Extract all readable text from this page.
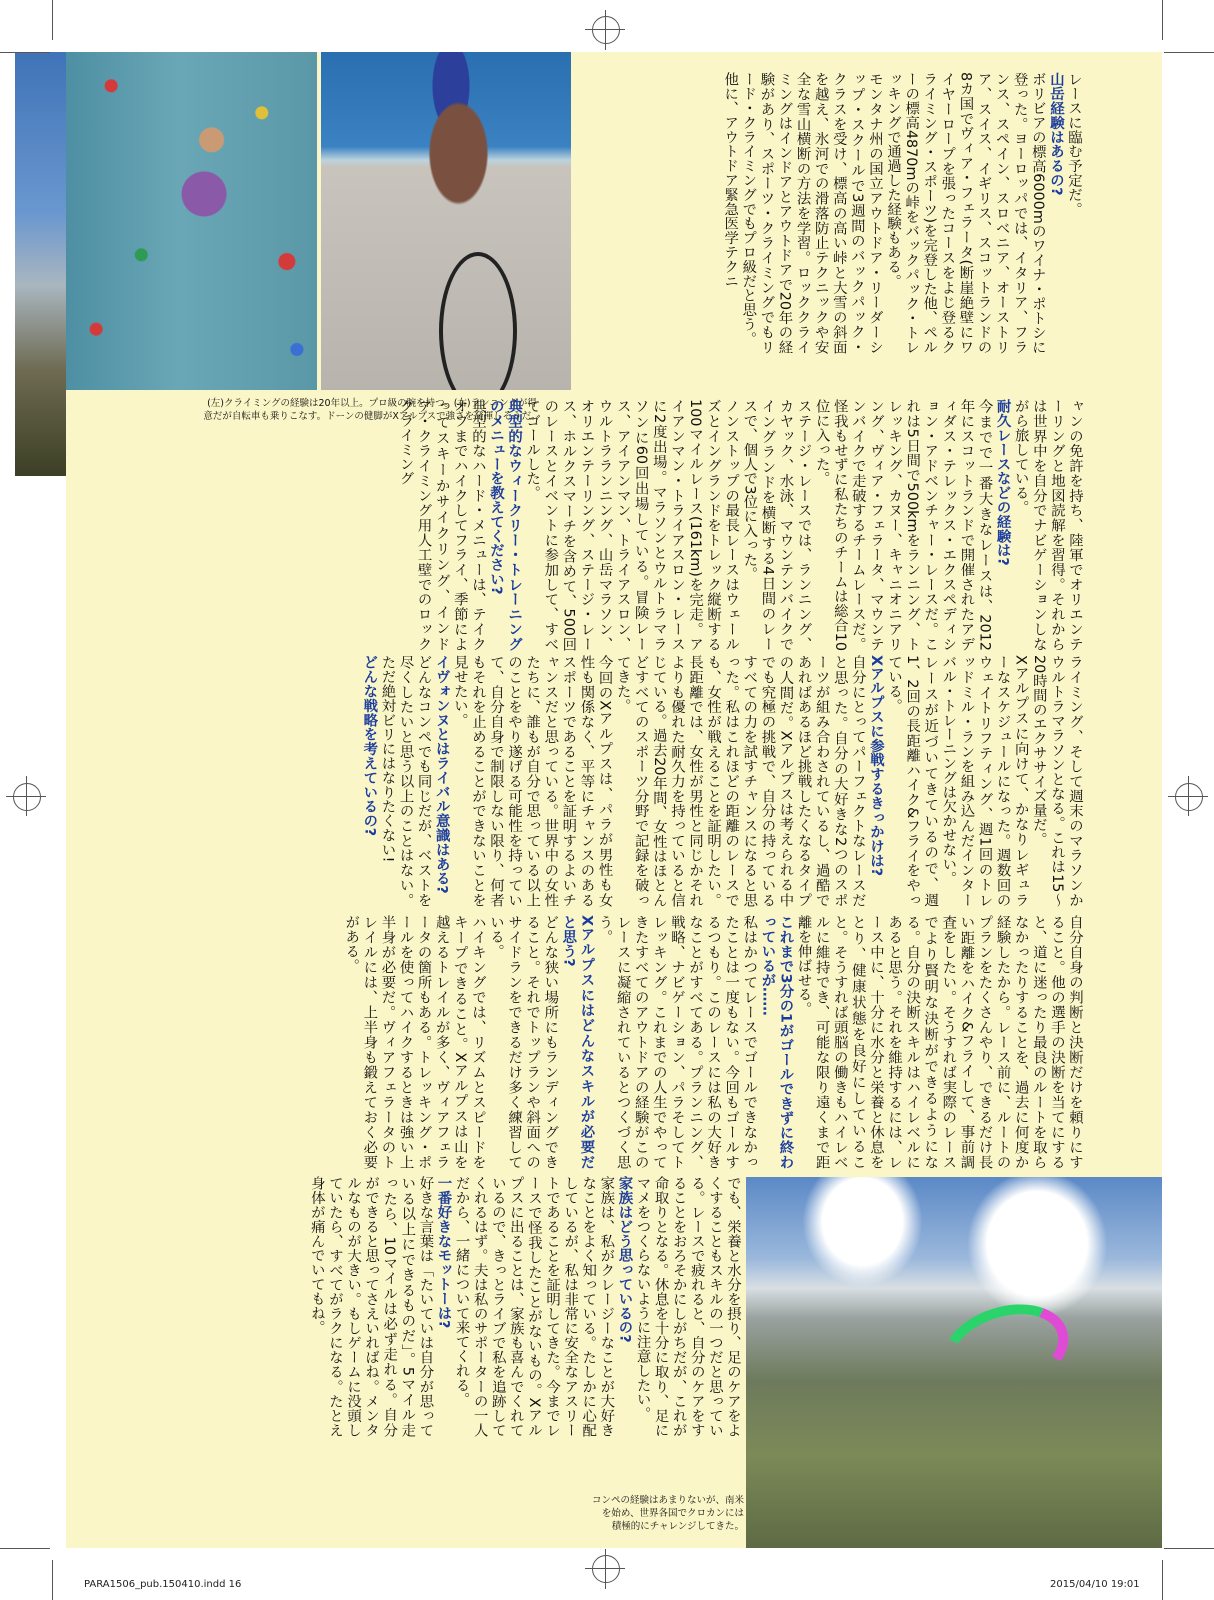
(左)クライミングの経験は20年以上。プロ級の腕を持つ。(右)ランニングが得
意だが自転車も乗りこなす。ドーンの健脚がXアルプスで強さを発揮しそうだ。
コンペの経験はあまりないが、南米
を始め、世界各国でクロカンには
積極的にチャレンジしてきた。

レースに臨む予定だ。

山岳経験はあるの?

ボリビアの標高6000mのワイナ・ポトシに登った。ヨーロッパでは、イタリア、フランス、スペイン、スロベニア、オーストリア、スイス、イギリス、スコットランドの8カ国でヴィア・フェラータ(断崖絶壁にワイヤーロープを張ったコースをよじ登るクライミング・スポーツ)を完登した他、ペルーの標高4870mの峠をバックパック・トレッキングで通過した経験もある。

モンタナ州の国立アウトドア・リーダーシップ・スクールで3週間のバックパック・クラスを受け、標高の高い峠と大雪の斜面を越え、氷河での滑落防止テクニックや安全な雪山横断の方法を学習。ロッククライミングはインドアとアウトドアで20年の経験があり、スポーツ・クライミングでもリード・クライミングでもプロ級だと思う。

他に、アウトドア緊急医学テクニ

ャンの免許を持ち、陸軍でオリエンテーリングと地図読解を習得。それからは世界中を自分でナビゲーションしながら旅している。

耐久レースなどの経験は?

今までで一番大きなレースは、2012年にスコットランドで開催されたアディダス・テレックス・エクスペディション・アドベンチャー・レースだ。これは5日間で500kmをランニング、トレッキング、カヌー、キャニオニアリング、ヴィア・フェラータ、マウンテンバイクで走破するチームレースだ。怪我もせずに私たちのチームは総合10位に入った。

ステージ・レースでは、ランニング、カヤック、水泳、マウンテンバイクでイングランドを横断する4日間のレースで、個人で3位に入った。

ノンストップの最長レースはウェールズとイングランドをトレック縦断する100マイルレース(161km)を完走。アイアンマン・トライアスロン・レースに2度出場。マラソンとウルトラマラソンに60回出場している。冒険レース、アイアンマン、トライアスロン、ウルトラランニング、山岳マラソン、オリエンテーリング、ステージ・レース、ホルクスマーチを含めて、500回のレースとイベントに参加して、すべてゴールした。

典型的なウィークリー・トレーニングのメニューを教えてください?

典型的なハード・メニューは、テイクオフまでハイクしてフライ、季節によってスキーかサイクリング、インドア・クライミング用人工壁でのロッククライミング

ライミング、そして週末のマラソンかウルトラマラソンとなる。これは15〜20時間のエクササイズ量だ。

Xアルプスに向けて、かなりレギュラーなスケジュールになった。週数回のウェイトリフティング、週1回のトレッドミル・ランを組み込んだインターバル・トレーニングは欠かせない。

レースが近づいてきているので、週1、2回の長距離ハイク&フライをやっている。

Xアルプスに参戦するきっかけは?

自分にとってパーフェクトなレースだと思った。自分の大好きな2つのスポーツが組み合わされているし、過酷であればあるほど挑戦したくなるタイプの人間だ。Xアルプスは考えられる中でも究極の挑戦で、自分の持っているすべての力を試すチャンスになると思った。私はこれほどの距離のレースでも、女性が戦えることを証明したい。長距離では、女性が男性と同じかそれよりも優れた耐久力を持っていると信じている。過去20年間、女性はほとんどすべてのスポーツ分野で記録を破ってきた。

今回のXアルプスは、パラが男性も女性も関係なく、平等にチャンスのあるスポーツであることを証明するよいチャンスだと思っている。世界中の女性たちに、誰もが自分で思っている以上のことをやり遂げる可能性を持っていて、自分自身で制限しない限り、何者もそれを止めることができないことを見せたい。

イヴォンヌとはライバル意識はある?

どんなコンペでも同じだが、ベストを尽くしたいと思う以上のことはない。ただ絶対ビリにはなりたくない!

どんな戦略を考えているの?

自分自身の判断と決断だけを頼りにすること。他の選手の決断を当てにすると、道に迷ったり最良のルートを取らなかったりすることを、過去に何度か経験したから。レース前に、ルートのプランをたくさんやり、できるだけ長い距離をハイク&フライして、事前調査をしたい。そうすれば実際のレースでより賢明な決断ができるようになる。自分の決断スキルはハイレベルにあると思う。それを維持するには、レース中に、十分に水分と栄養と休息をとり、健康状態を良好にしていること。そうすれば頭脳の働きもハイレベルに維持でき、可能な限り遠くまで距離を伸ばせる。

これまで3分の1がゴールできずに終わっているが……

私はかつてレースでゴールできなかったことは一度もない。今回もゴールするつもり。このレースには私の大好きなことがすべてある。プランニング、戦略、ナビゲーション、パラそしてトレッキング。これまでの人生でやってきたすべてのアウトドアの経験がこのレースに凝縮されているとつくづく思う。

Xアルプスにはどんなスキルが必要だと思う?

どんな狭い場所にもランディングできること。それでトップランや斜面へのサイドランをできるだけ多く練習している。

ハイキングでは、リズムとスピードをキープできること。Xアルプスは山を越えるトレイルが多く、ヴィアフェラータの箇所もある。トレッキング・ポールを使ってハイクするときは強い上半身が必要だ。ヴィアフェラータのトレイルには、上半身も鍛えておく必要がある。

でも、栄養と水分を摂り、足のケアをよくすることもスキルの一つだと思っている。レースで疲れると、自分のケアをすることをおろそかにしがちだが、これが命取りとなる。休息を十分に取り、足にマメをつくらないように注意したい。

家族はどう思っているの?

家族は、私がクレージーなことが大好きなことをよく知っている。たしかに心配しているが、私は非常に安全なアスリートであることを証明してきた。今までレースで怪我したことがないもの。Xアルプスに出ることは、家族も喜んでくれているので、きっとライブで私を追跡してくれるはず。夫は私のサポーターの一人だから、一緒について来てくれる。

一番好きなモットーは?

好きな言葉は「たいていは自分が思っている以上にできるものだ」。5マイル走ったら、10マイルは必ず走れる。自分ができると思ってさえいればね。メンタルなものが大きい。もしゲームに没頭していたら、すべてがラクになる。たとえ身体が痛んでいてもね。

PARA1506_pub.150410.indd 16	2015/04/10 19:01
